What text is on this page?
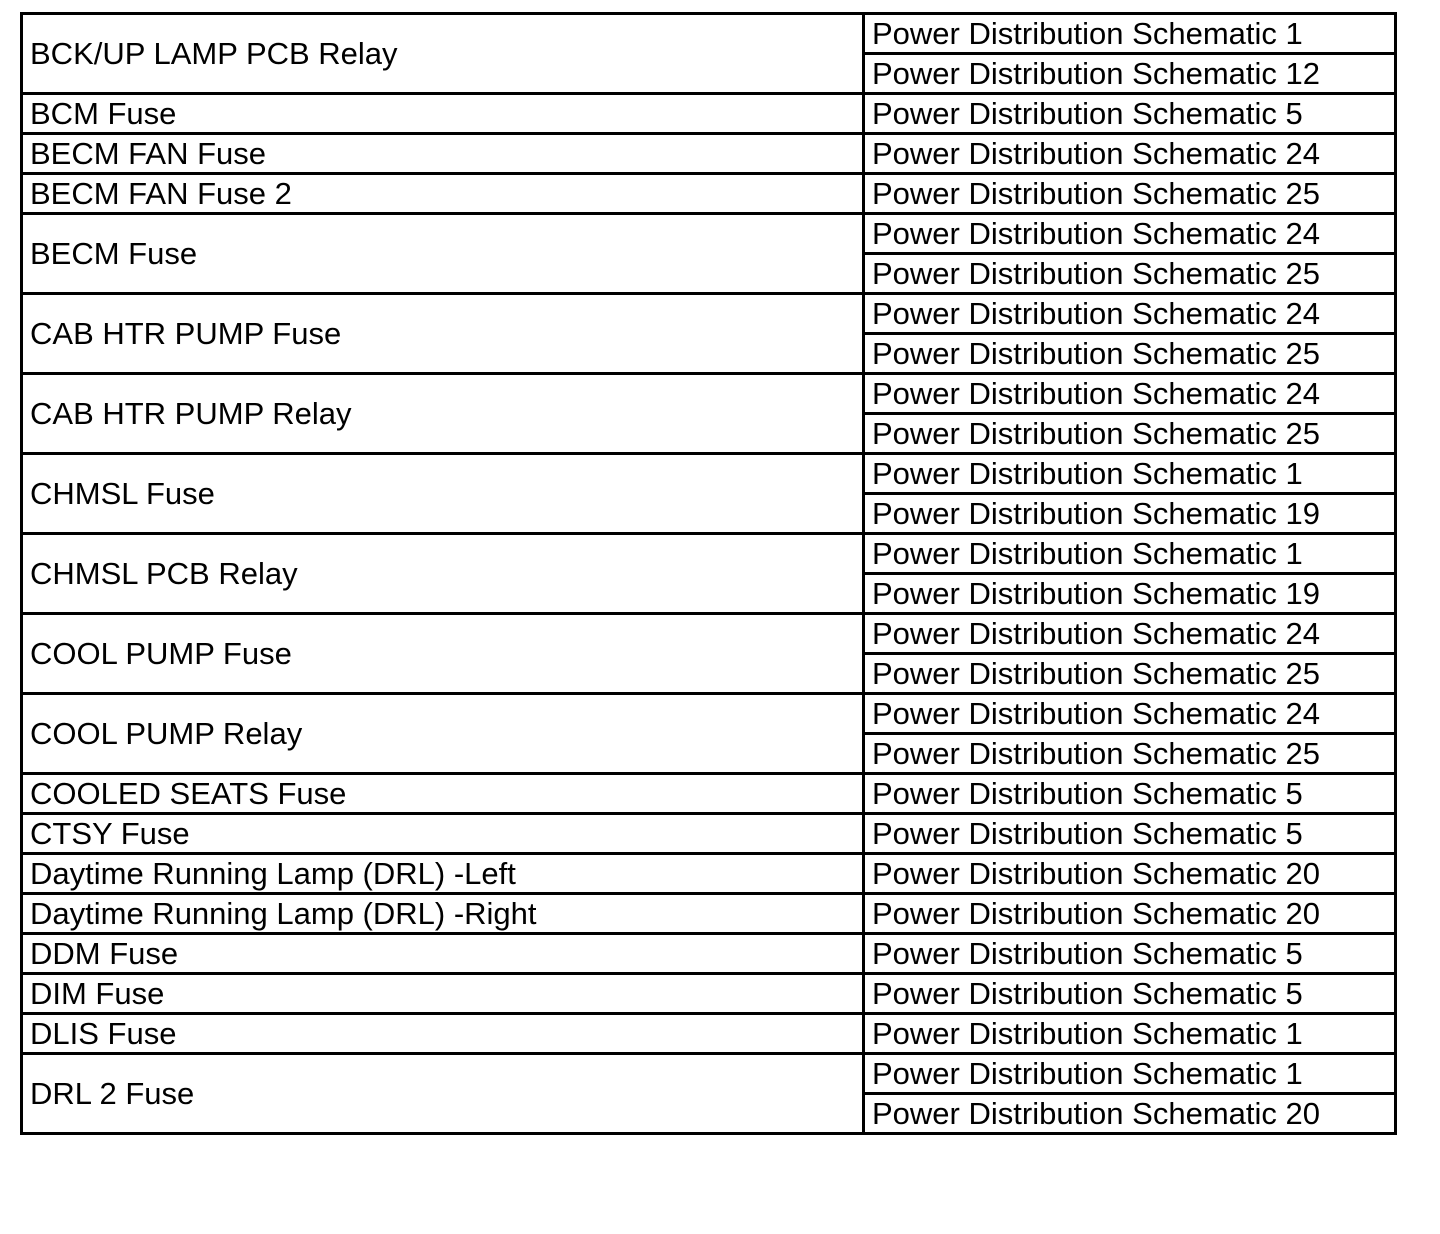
BCK/UP LAMP PCB Relay	Power Distribution Schematic 1
	Power Distribution Schematic 12
BCM Fuse	Power Distribution Schematic 5
BECM FAN Fuse	Power Distribution Schematic 24
BECM FAN Fuse 2	Power Distribution Schematic 25
BECM Fuse	Power Distribution Schematic 24
	Power Distribution Schematic 25
CAB HTR PUMP Fuse	Power Distribution Schematic 24
	Power Distribution Schematic 25
CAB HTR PUMP Relay	Power Distribution Schematic 24
	Power Distribution Schematic 25
CHMSL Fuse	Power Distribution Schematic 1
	Power Distribution Schematic 19
CHMSL PCB Relay	Power Distribution Schematic 1
	Power Distribution Schematic 19
COOL PUMP Fuse	Power Distribution Schematic 24
	Power Distribution Schematic 25
COOL PUMP Relay	Power Distribution Schematic 24
	Power Distribution Schematic 25
COOLED SEATS Fuse	Power Distribution Schematic 5
CTSY Fuse	Power Distribution Schematic 5
Daytime Running Lamp (DRL) -Left	Power Distribution Schematic 20
Daytime Running Lamp (DRL) -Right	Power Distribution Schematic 20
DDM Fuse	Power Distribution Schematic 5
DIM Fuse	Power Distribution Schematic 5
DLIS Fuse	Power Distribution Schematic 1
DRL 2 Fuse	Power Distribution Schematic 1
	Power Distribution Schematic 20
